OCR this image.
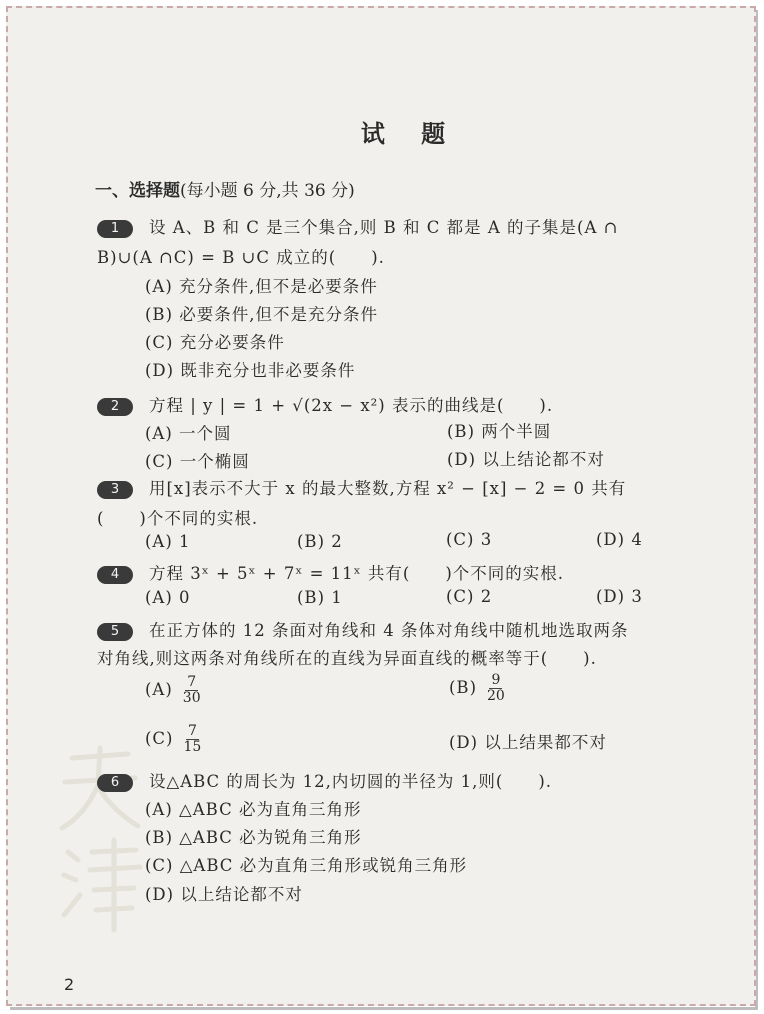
试 题
一、选择题(每小题 6 分,共 36 分)
1 设 A、B 和 C 是三个集合,则 B 和 C 都是 A 的子集是(A ∩
B)∪(A ∩C) = B ∪C 成立的(　　).
(A) 充分条件,但不是必要条件
(B) 必要条件,但不是充分条件
(C) 充分必要条件
(D) 既非充分也非必要条件
2 方程 | y | = 1 + √(2x − x²) 表示的曲线是(　　).
(A) 一个圆	(B) 两个半圆
(C) 一个椭圆	(D) 以上结论都不对
3 用[x]表示不大于 x 的最大整数,方程 x² − [x] − 2 = 0 共有
(　　)个不同的实根.
(A) 1	(B) 2	(C) 3	(D) 4
4 方程 3ˣ + 5ˣ + 7ˣ = 11ˣ 共有(　　)个不同的实根.
(A) 0	(B) 1	(C) 2	(D) 3
5 在正方体的 12 条面对角线和 4 条体对角线中随机地选取两条
对角线,则这两条对角线所在的直线为异面直线的概率等于(　　).
$(A) \frac{7}{30}$	$(B) \frac{9}{20}$
$(C) \frac{7}{15}$	(D) 以上结果都不对
6 设△ABC 的周长为 12,内切圆的半径为 1,则(　　).
(A) △ABC 必为直角三角形
(B) △ABC 必为锐角三角形
(C) △ABC 必为直角三角形或锐角三角形
(D) 以上结论都不对
2
